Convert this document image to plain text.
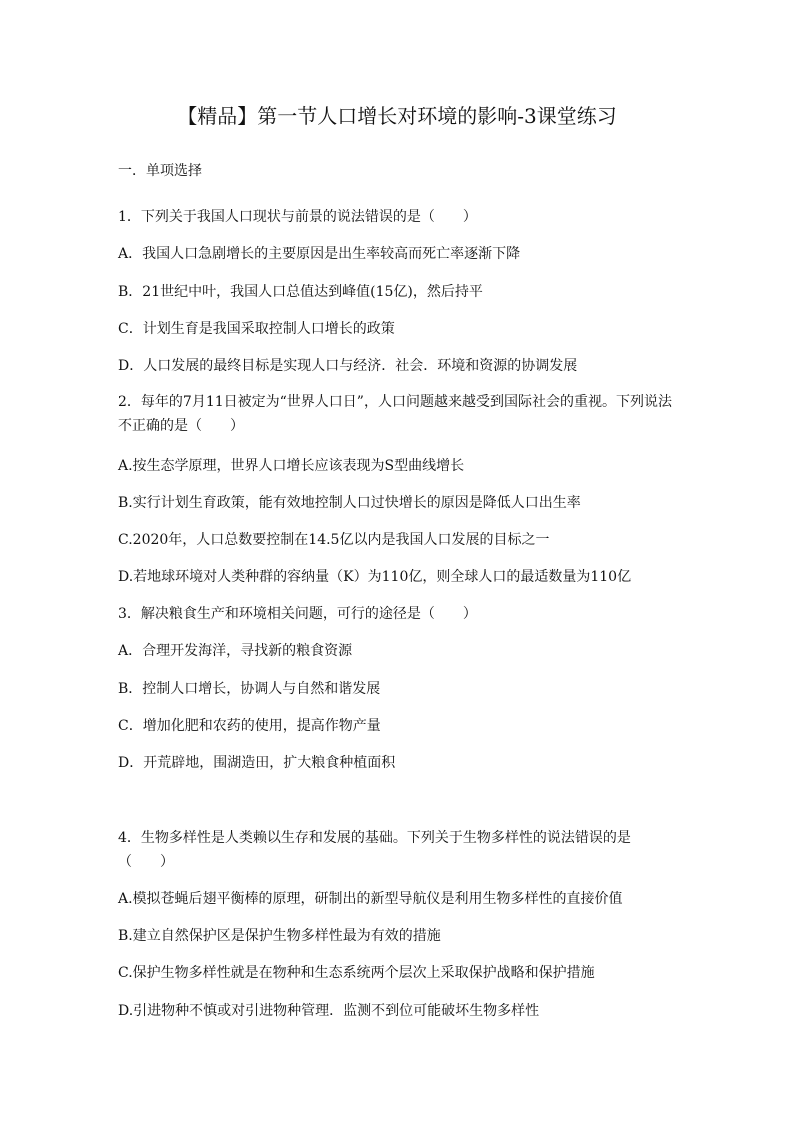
【精品】第一节人口增长对环境的影响-3课堂练习
一．单项选择
1．下列关于我国人口现状与前景的说法错误的是（　　）
A．我国人口急剧增长的主要原因是出生率较高而死亡率逐渐下降
B．21世纪中叶，我国人口总值达到峰值(15亿)，然后持平
C．计划生育是我国采取控制人口增长的政策
D．人口发展的最终目标是实现人口与经济．社会．环境和资源的协调发展
2．每年的7月11日被定为“世界人口日”，人口问题越来越受到国际社会的重视。下列说法不正确的是（　　）
A.按生态学原理，世界人口增长应该表现为S型曲线增长
B.实行计划生育政策，能有效地控制人口过快增长的原因是降低人口出生率
C.2020年，人口总数要控制在14.5亿以内是我国人口发展的目标之一
D.若地球环境对人类种群的容纳量（K）为110亿，则全球人口的最适数量为110亿
3．解决粮食生产和环境相关问题，可行的途径是（　　）
A．合理开发海洋，寻找新的粮食资源
B．控制人口增长，协调人与自然和谐发展
C．增加化肥和农药的使用，提高作物产量
D．开荒辟地，围湖造田，扩大粮食种植面积
4．生物多样性是人类赖以生存和发展的基础。下列关于生物多样性的说法错误的是（　　）
A.模拟苍蝇后翅平衡棒的原理，研制出的新型导航仪是利用生物多样性的直接价值
B.建立自然保护区是保护生物多样性最为有效的措施
C.保护生物多样性就是在物种和生态系统两个层次上采取保护战略和保护措施
D.引进物种不慎或对引进物种管理．监测不到位可能破坏生物多样性
